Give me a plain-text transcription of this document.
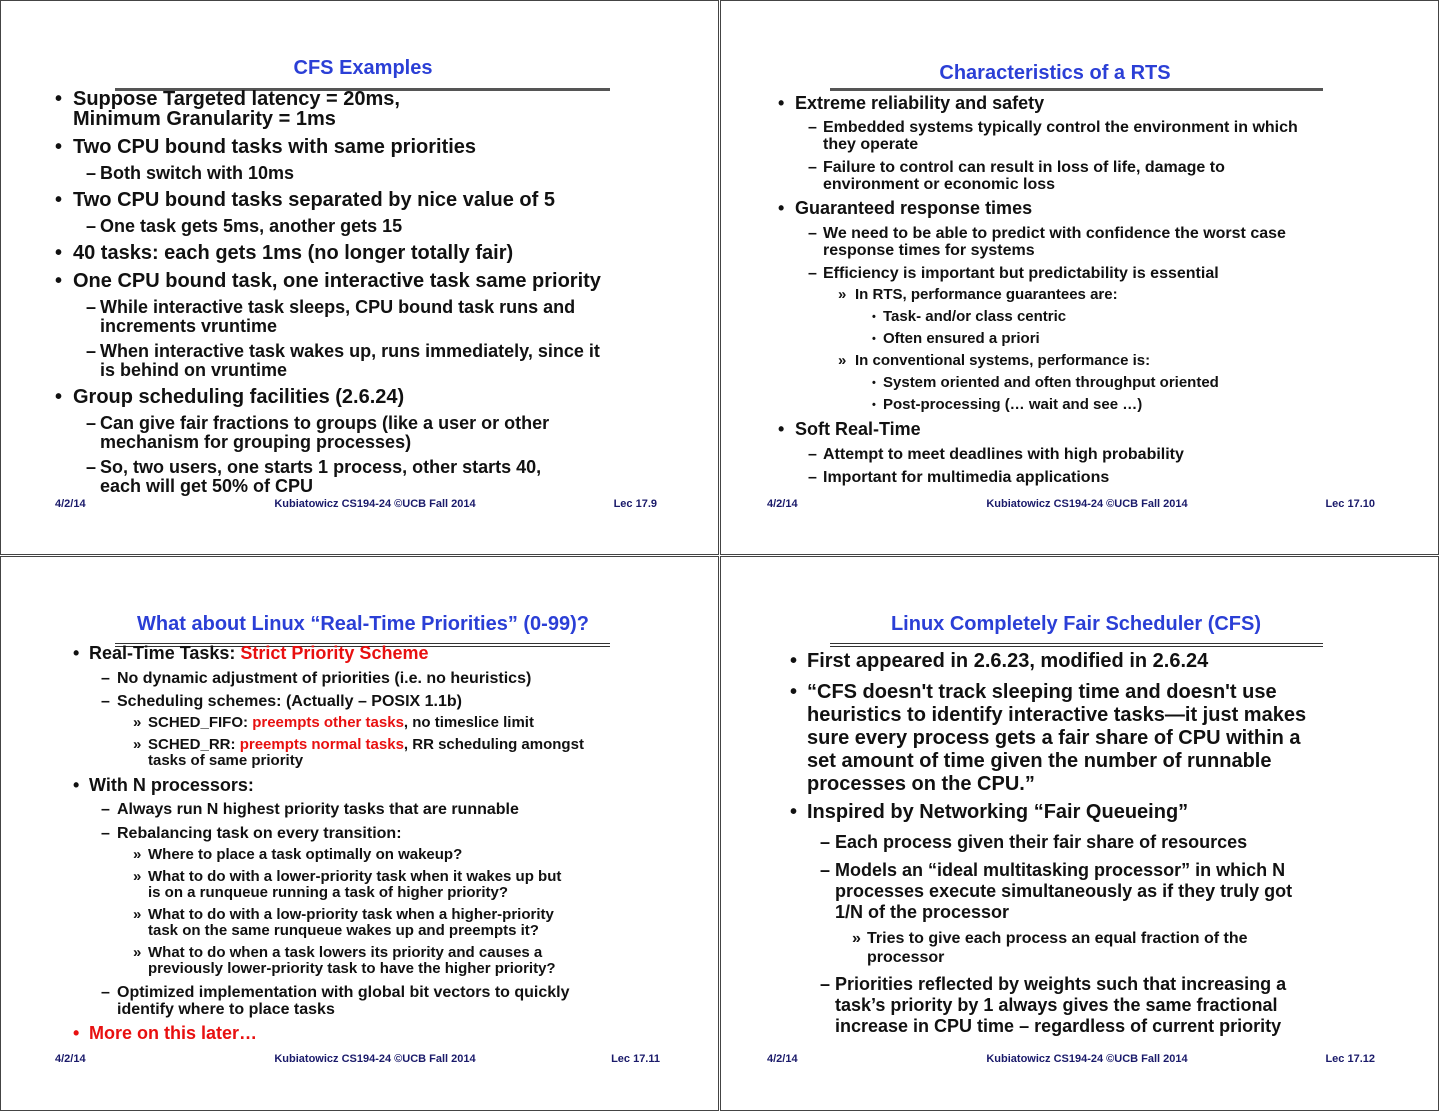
CFS Examples
• Suppose Targeted latency = 20ms,
Minimum Granularity = 1ms
• Two CPU bound tasks with same priorities
– Both switch with 10ms
• Two CPU bound tasks separated by nice value of 5
– One task gets 5ms, another gets 15
• 40 tasks: each gets 1ms (no longer totally fair)
• One CPU bound task, one interactive task same priority
– While interactive task sleeps, CPU bound task runs and
increments vruntime
– When interactive task wakes up, runs immediately, since it
is behind on vruntime
• Group scheduling facilities (2.6.24)
– Can give fair fractions to groups (like a user or other
mechanism for grouping processes)
– So, two users, one starts 1 process, other starts 40,
each will get 50% of CPU
4/2/14	Kubiatowicz CS194-24 ©UCB Fall 2014	Lec 17.9
Characteristics of a RTS
• Extreme reliability and safety
– Embedded systems typically control the environment in which
they operate
– Failure to control can result in loss of life, damage to
environment or economic loss
• Guaranteed response times
– We need to be able to predict with confidence the worst case
response times for systems
– Efficiency is important but predictability is essential
» In RTS, performance guarantees are:
• Task- and/or class centric
• Often ensured a priori
» In conventional systems, performance is:
• System oriented and often throughput oriented
• Post-processing (… wait and see …)
• Soft Real-Time
– Attempt to meet deadlines with high probability
– Important for multimedia applications
4/2/14	Kubiatowicz CS194-24 ©UCB Fall 2014	Lec 17.10
What about Linux “Real-Time Priorities” (0-99)?
• Real-Time Tasks: Strict Priority Scheme
– No dynamic adjustment of priorities (i.e. no heuristics)
– Scheduling schemes: (Actually – POSIX 1.1b)
» SCHED_FIFO: preempts other tasks, no timeslice limit
» SCHED_RR: preempts normal tasks, RR scheduling amongst
tasks of same priority
• With N processors:
– Always run N highest priority tasks that are runnable
– Rebalancing task on every transition:
» Where to place a task optimally on wakeup?
» What to do with a lower-priority task when it wakes up but
is on a runqueue running a task of higher priority?
» What to do with a low-priority task when a higher-priority
task on the same runqueue wakes up and preempts it?
» What to do when a task lowers its priority and causes a
previously lower-priority task to have the higher priority?
– Optimized implementation with global bit vectors to quickly
identify where to place tasks
• More on this later…
4/2/14	Kubiatowicz CS194-24 ©UCB Fall 2014	Lec 17.11
Linux Completely Fair Scheduler (CFS)
• First appeared in 2.6.23, modified in 2.6.24
• “CFS doesn't track sleeping time and doesn't use
heuristics to identify interactive tasks—it just makes
sure every process gets a fair share of CPU within a
set amount of time given the number of runnable
processes on the CPU.”
• Inspired by Networking “Fair Queueing”
– Each process given their fair share of resources
– Models an “ideal multitasking processor” in which N
processes execute simultaneously as if they truly got
1/N of the processor
» Tries to give each process an equal fraction of the
processor
– Priorities reflected by weights such that increasing a
task’s priority by 1 always gives the same fractional
increase in CPU time – regardless of current priority
4/2/14	Kubiatowicz CS194-24 ©UCB Fall 2014	Lec 17.12
